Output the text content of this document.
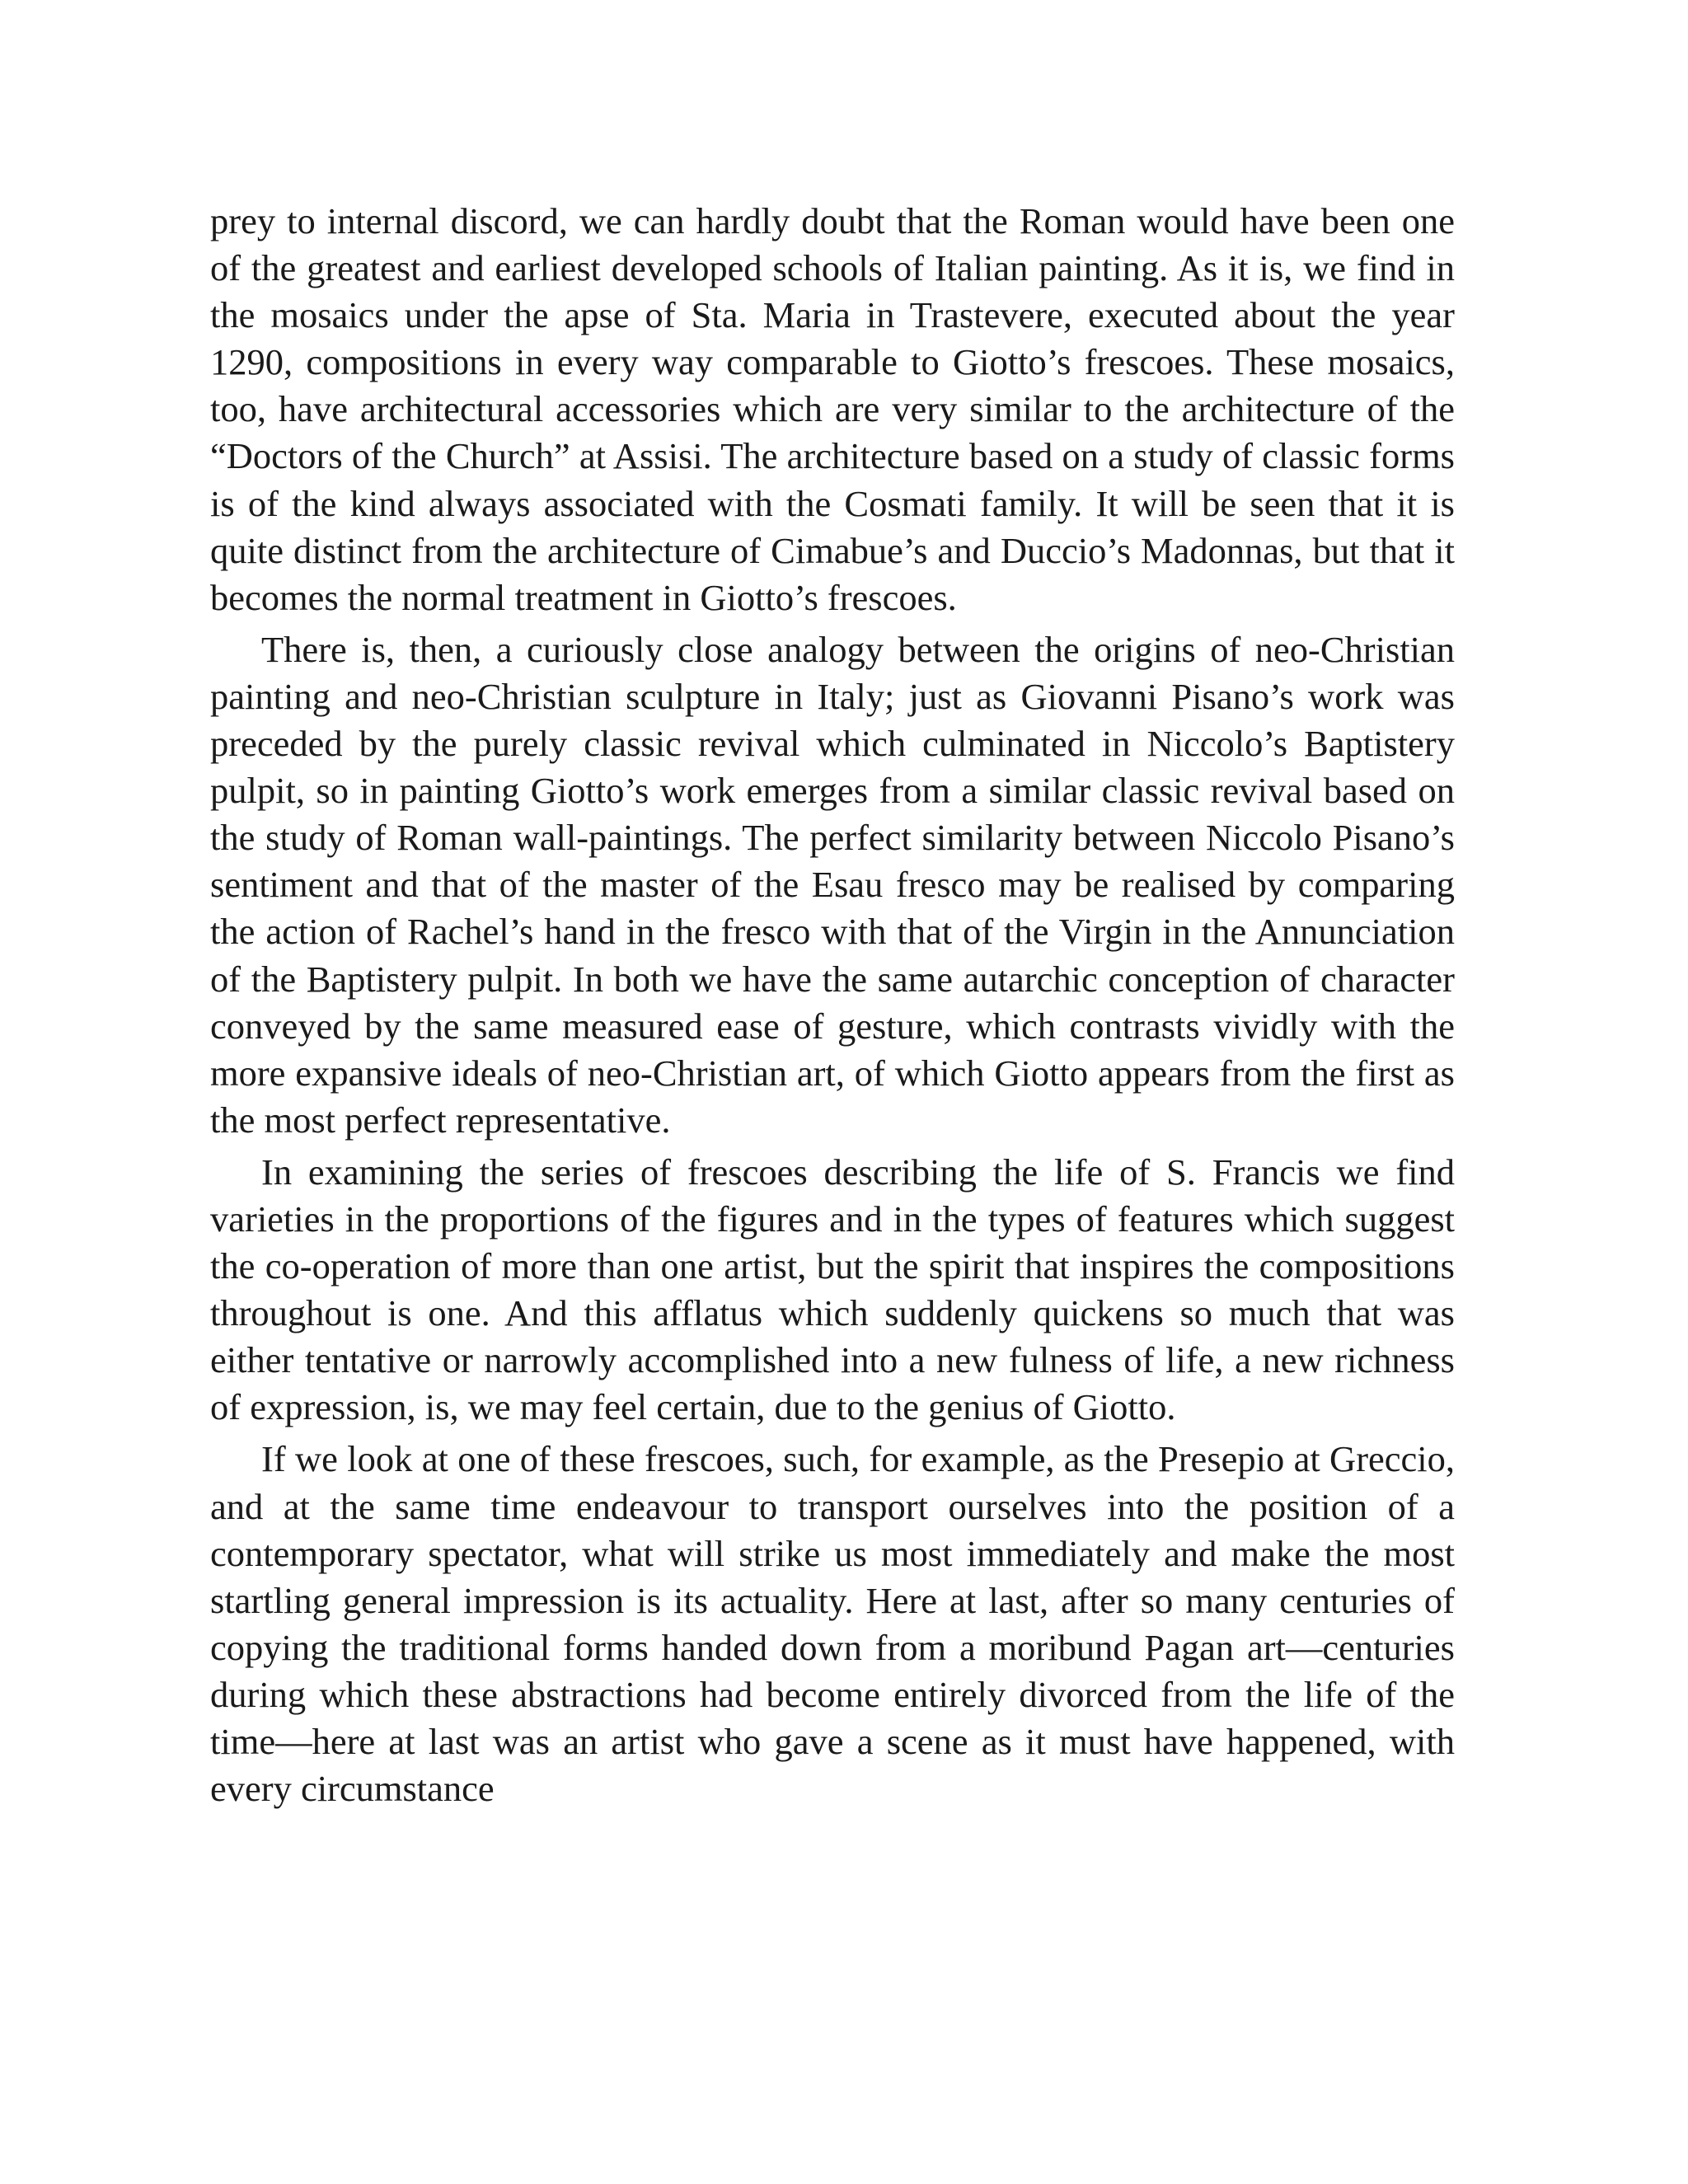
prey to internal discord, we can hardly doubt that the Roman would have been one of the greatest and earliest developed schools of Italian painting. As it is, we find in the mosaics under the apse of Sta. Maria in Trastevere, executed about the year 1290, compositions in every way comparable to Giotto’s frescoes. These mosaics, too, have architectural accessories which are very similar to the architecture of the “Doctors of the Church” at Assisi. The architecture based on a study of classic forms is of the kind always associated with the Cosmati family. It will be seen that it is quite distinct from the architecture of Cimabue’s and Duccio’s Madonnas, but that it becomes the normal treatment in Giotto’s frescoes.

There is, then, a curiously close analogy between the origins of neo-Christian painting and neo-Christian sculpture in Italy; just as Giovanni Pisano’s work was preceded by the purely classic revival which culminated in Niccolo’s Baptistery pulpit, so in painting Giotto’s work emerges from a similar classic revival based on the study of Roman wall-paintings. The perfect similarity between Niccolo Pisano’s sentiment and that of the master of the Esau fresco may be realised by comparing the action of Rachel’s hand in the fresco with that of the Virgin in the Annunciation of the Baptistery pulpit. In both we have the same autarchic conception of character conveyed by the same measured ease of gesture, which contrasts vividly with the more expansive ideals of neo-Christian art, of which Giotto appears from the first as the most perfect representative.

In examining the series of frescoes describing the life of S. Francis we find varieties in the proportions of the figures and in the types of features which suggest the co-operation of more than one artist, but the spirit that inspires the compositions throughout is one. And this afflatus which suddenly quickens so much that was either tentative or narrowly accomplished into a new fulness of life, a new richness of expression, is, we may feel certain, due to the genius of Giotto.

If we look at one of these frescoes, such, for example, as the Presepio at Greccio, and at the same time endeavour to transport ourselves into the position of a contemporary spectator, what will strike us most immediately and make the most startling general impression is its actuality. Here at last, after so many centuries of copying the traditional forms handed down from a moribund Pagan art—centuries during which these abstractions had become entirely divorced from the life of the time—here at last was an artist who gave a scene as it must have happened, with every circumstance
